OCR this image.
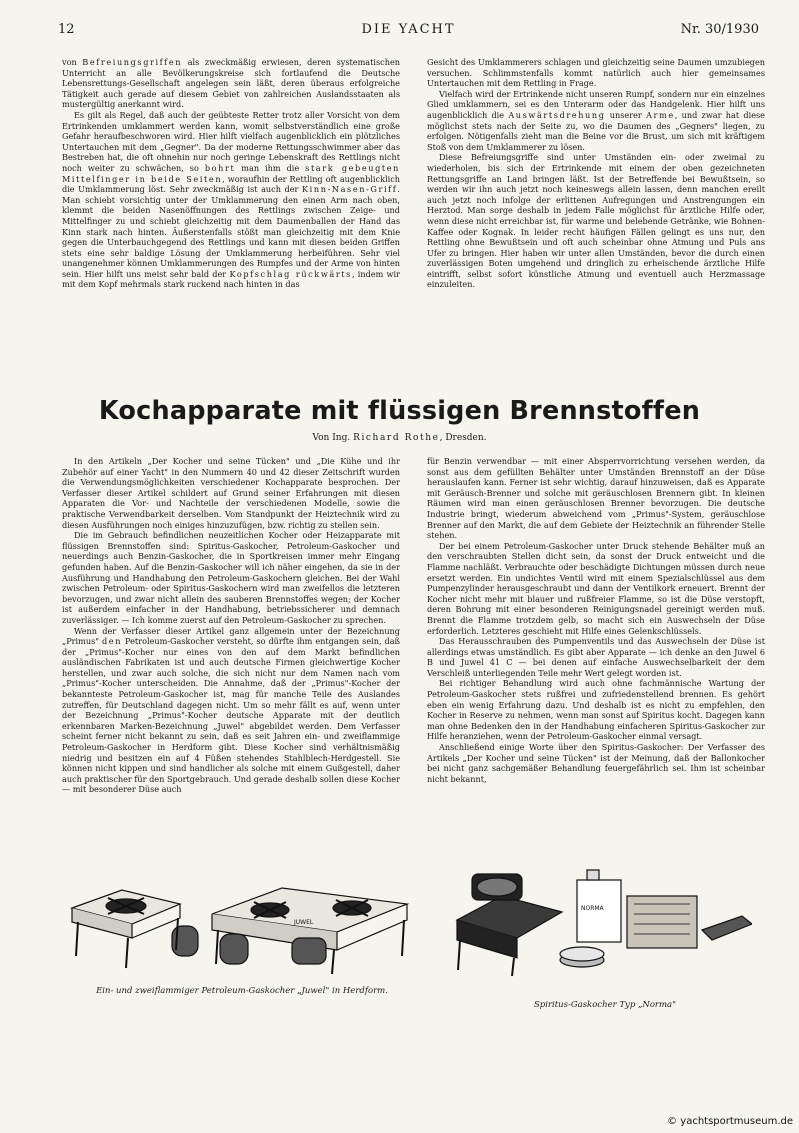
12	DIE YACHT	Nr. 30/1930

von Befreiungsgriffen als zweckmäßig erwiesen, deren systematischen Unterricht an alle Bevölkerungskreise sich fortlaufend die Deutsche Lebensrettungs-Gesellschaft angelegen sein läßt, deren überaus erfolgreiche Tätigkeit auch gerade auf diesem Gebiet von zahlreichen Auslandsstaaten als mustergültig anerkannt wird.

Es gilt als Regel, daß auch der geübteste Retter trotz aller Vorsicht von dem Ertrinkenden umklammert werden kann, womit selbstverständlich eine große Gefahr heraufbeschworen wird. Hier hilft vielfach augenblicklich ein plötzliches Untertauchen mit dem „Gegner". Da der moderne Rettungsschwimmer aber das Bestreben hat, die oft ohnehin nur noch geringe Lebenskraft des Rettlings nicht noch weiter zu schwächen, so bohrt man ihm die stark gebeugten Mittelfinger in beide Seiten, woraufhin der Rettling oft augenblicklich die Umklammerung löst. Sehr zweckmäßig ist auch der Kinn-Nasen-Griff. Man schiebt vorsichtig unter der Umklammerung den einen Arm nach oben, klemmt die beiden Nasenöffnungen des Rettlings zwischen Zeige- und Mittelfinger zu und schiebt gleichzeitig mit dem Daumenballen der Hand das Kinn stark nach hinten. Äußerstenfalls stößt man gleichzeitig mit dem Knie gegen die Unterbauchgegend des Rettlings und kann mit diesen beiden Griffen stets eine sehr baldige Lösung der Umklammerung herbeiführen. Sehr viel unangenehmer können Umklammerungen des Rumpfes und der Arme von hinten sein. Hier hilft uns meist sehr bald der Kopfschlag rückwärts, indem wir mit dem Kopf mehrmals stark ruckend nach hinten in das

Gesicht des Umklammerers schlagen und gleichzeitig seine Daumen umzubiegen versuchen. Schlimmstenfalls kommt natürlich auch hier gemeinsames Untertauchen mit dem Rettling in Frage.

Vielfach wird der Ertrinkende nicht unseren Rumpf, sondern nur ein einzelnes Glied umklammern, sei es den Unterarm oder das Handgelenk. Hier hilft uns augenblicklich die Auswärtsdrehung unserer Arme, und zwar hat diese möglichst stets nach der Seite zu, wo die Daumen des „Gegners" liegen, zu erfolgen. Nötigenfalls zieht man die Beine vor die Brust, um sich mit kräftigem Stoß von dem Umklammerer zu lösen.

Diese Befreiungsgriffe sind unter Umständen ein- oder zweimal zu wiederholen, bis sich der Ertrinkende mit einem der oben gezeichneten Rettungsgriffe an Land bringen läßt. Ist der Betreffende bei Bewußtsein, so werden wir ihn auch jetzt noch keineswegs allein lassen, denn manchen ereilt auch jetzt noch infolge der erlittenen Aufregungen und Anstrengungen ein Herztod. Man sorge deshalb in jedem Falle möglichst für ärztliche Hilfe oder, wenn diese nicht erreichbar ist, für warme und belebende Getränke, wie Bohnen-Kaffee oder Kognak. In leider recht häufigen Fällen gelingt es uns nur, den Rettling ohne Bewußtsein und oft auch scheinbar ohne Atmung und Puls ans Ufer zu bringen. Hier haben wir unter allen Umständen, bevor die durch einen zuverlässigen Boten umgehend und dringlich zu erheischende ärztliche Hilfe eintrifft, selbst sofort künstliche Atmung und eventuell auch Herzmassage einzuleiten.

Kochapparate mit flüssigen Brennstoffen
Von Ing. Richard Rothe, Dresden.

In den Artikeln „Der Kocher und seine Tücken" und „Die Kühe und ihr Zubehör auf einer Yacht" in den Nummern 40 und 42 dieser Zeitschrift wurden die Verwendungsmöglichkeiten verschiedener Kochapparate besprochen. Der Verfasser dieser Artikel schildert auf Grund seiner Erfahrungen mit diesen Apparaten die Vor- und Nachteile der verschiedenen Modelle, sowie die praktische Verwendbarkeit derselben. Vom Standpunkt der Heiztechnik wird zu diesen Ausführungen noch einiges hinzuzufügen, bzw. richtig zu stellen sein.

Die im Gebrauch befindlichen neuzeitlichen Kocher oder Heizapparate mit flüssigen Brennstoffen sind: Spiritus-Gaskocher, Petroleum-Gaskocher und neuerdings auch Benzin-Gaskocher, die in Sportkreisen immer mehr Eingang gefunden haben. Auf die Benzin-Gaskocher will ich näher eingehen, da sie in der Ausführung und Handhabung den Petroleum-Gaskochern gleichen. Bei der Wahl zwischen Petroleum- oder Spiritus-Gaskochern wird man zweifellos die letzteren bevorzugen, und zwar nicht allein des sauberen Brennstoffes wegen; der Kocher ist außerdem einfacher in der Handhabung, betriebssicherer und demnach zuverlässiger. — Ich komme zuerst auf den Petroleum-Gaskocher zu sprechen.

Wenn der Verfasser dieser Artikel ganz allgemein unter der Bezeichnung „Primus" den Petroleum-Gaskocher versteht, so dürfte ihm entgangen sein, daß der „Primus"-Kocher nur eines von den auf dem Markt befindlichen ausländischen Fabrikaten ist und auch deutsche Firmen gleichwertige Kocher herstellen, und zwar auch solche, die sich nicht nur dem Namen nach vom „Primus"-Kocher unterscheiden. Die Annahme, daß der „Primus"-Kocher der bekannteste Petroleum-Gaskocher ist, mag für manche Teile des Auslandes zutreffen, für Deutschland dagegen nicht. Um so mehr fällt es auf, wenn unter der Bezeichnung „Primus"-Kocher deutsche Apparate mit der deutlich erkennbaren Marken-Bezeichnung „Juwel" abgebildet werden. Dem Verfasser scheint ferner nicht bekannt zu sein, daß es seit Jahren ein- und zweiflammige Petroleum-Gaskocher in Herdform gibt. Diese Kocher sind verhältnismäßig niedrig und besitzen ein auf 4 Füßen stehendes Stahlblech-Herdgestell. Sie können nicht kippen und sind handlicher als solche mit einem Gußgestell, daher auch praktischer für den Sportgebrauch. Und gerade deshalb sollen diese Kocher — mit besonderer Düse auch

für Benzin verwendbar — mit einer Absperrvorrichtung versehen werden, da sonst aus dem gefüllten Behälter unter Umständen Brennstoff an der Düse herauslaufen kann. Ferner ist sehr wichtig, darauf hinzuweisen, daß es Apparate mit Geräusch-Brenner und solche mit geräuschlosen Brennern gibt. In kleinen Räumen wird man einen geräuschlosen Brenner bevorzugen. Die deutsche Industrie bringt, wiederum abweichend vom „Primus"-System, geräuschlose Brenner auf den Markt, die auf dem Gebiete der Heiztechnik an führender Stelle stehen.

Der bei einem Petroleum-Gaskocher unter Druck stehende Behälter muß an den verschraubten Stellen dicht sein, da sonst der Druck entweicht und die Flamme nachläßt. Verbrauchte oder beschädigte Dichtungen müssen durch neue ersetzt werden. Ein undichtes Ventil wird mit einem Spezialschlüssel aus dem Pumpenzylinder herausgeschraubt und dann der Ventilkork erneuert. Brennt der Kocher nicht mehr mit blauer und rußfreier Flamme, so ist die Düse verstopft, deren Bohrung mit einer besonderen Reinigungsnadel gereinigt werden muß. Brennt die Flamme trotzdem gelb, so macht sich ein Auswechseln der Düse erforderlich. Letzteres geschieht mit Hilfe eines Gelenkschlüssels.

Das Herausschrauben des Pumpenventils und das Auswechseln der Düse ist allerdings etwas umständlich. Es gibt aber Apparate — ich denke an den Juwel 6 B und Juwel 41 C — bei denen auf einfache Auswechselbarkeit der dem Verschleiß unterliegenden Teile mehr Wert gelegt worden ist.

Bei richtiger Behandlung wird auch ohne fachmännische Wartung der Petroleum-Gaskocher stets rußfrei und zufriedenstellend brennen. Es gehört eben ein wenig Erfahrung dazu. Und deshalb ist es nicht zu empfehlen, den Kocher in Reserve zu nehmen, wenn man sonst auf Spiritus kocht. Dagegen kann man ohne Bedenken den in der Handhabung einfacheren Spiritus-Gaskocher zur Hilfe heranziehen, wenn der Petroleum-Gaskocher einmal versagt.

Anschließend einige Worte über den Spiritus-Gaskocher: Der Verfasser des Artikels „Der Kocher und seine Tücken" ist der Meinung, daß der Ballonkocher bei nicht ganz sachgemäßer Behandlung feuergefährlich sei. Ihm ist scheinbar nicht bekannt,

JUWEL
NORMA
Ein- und zweiflammiger Petroleum-Gaskocher „Juwel" in Herdform.
Spiritus-Gaskocher Typ „Norma"
© yachtsportmuseum.de
